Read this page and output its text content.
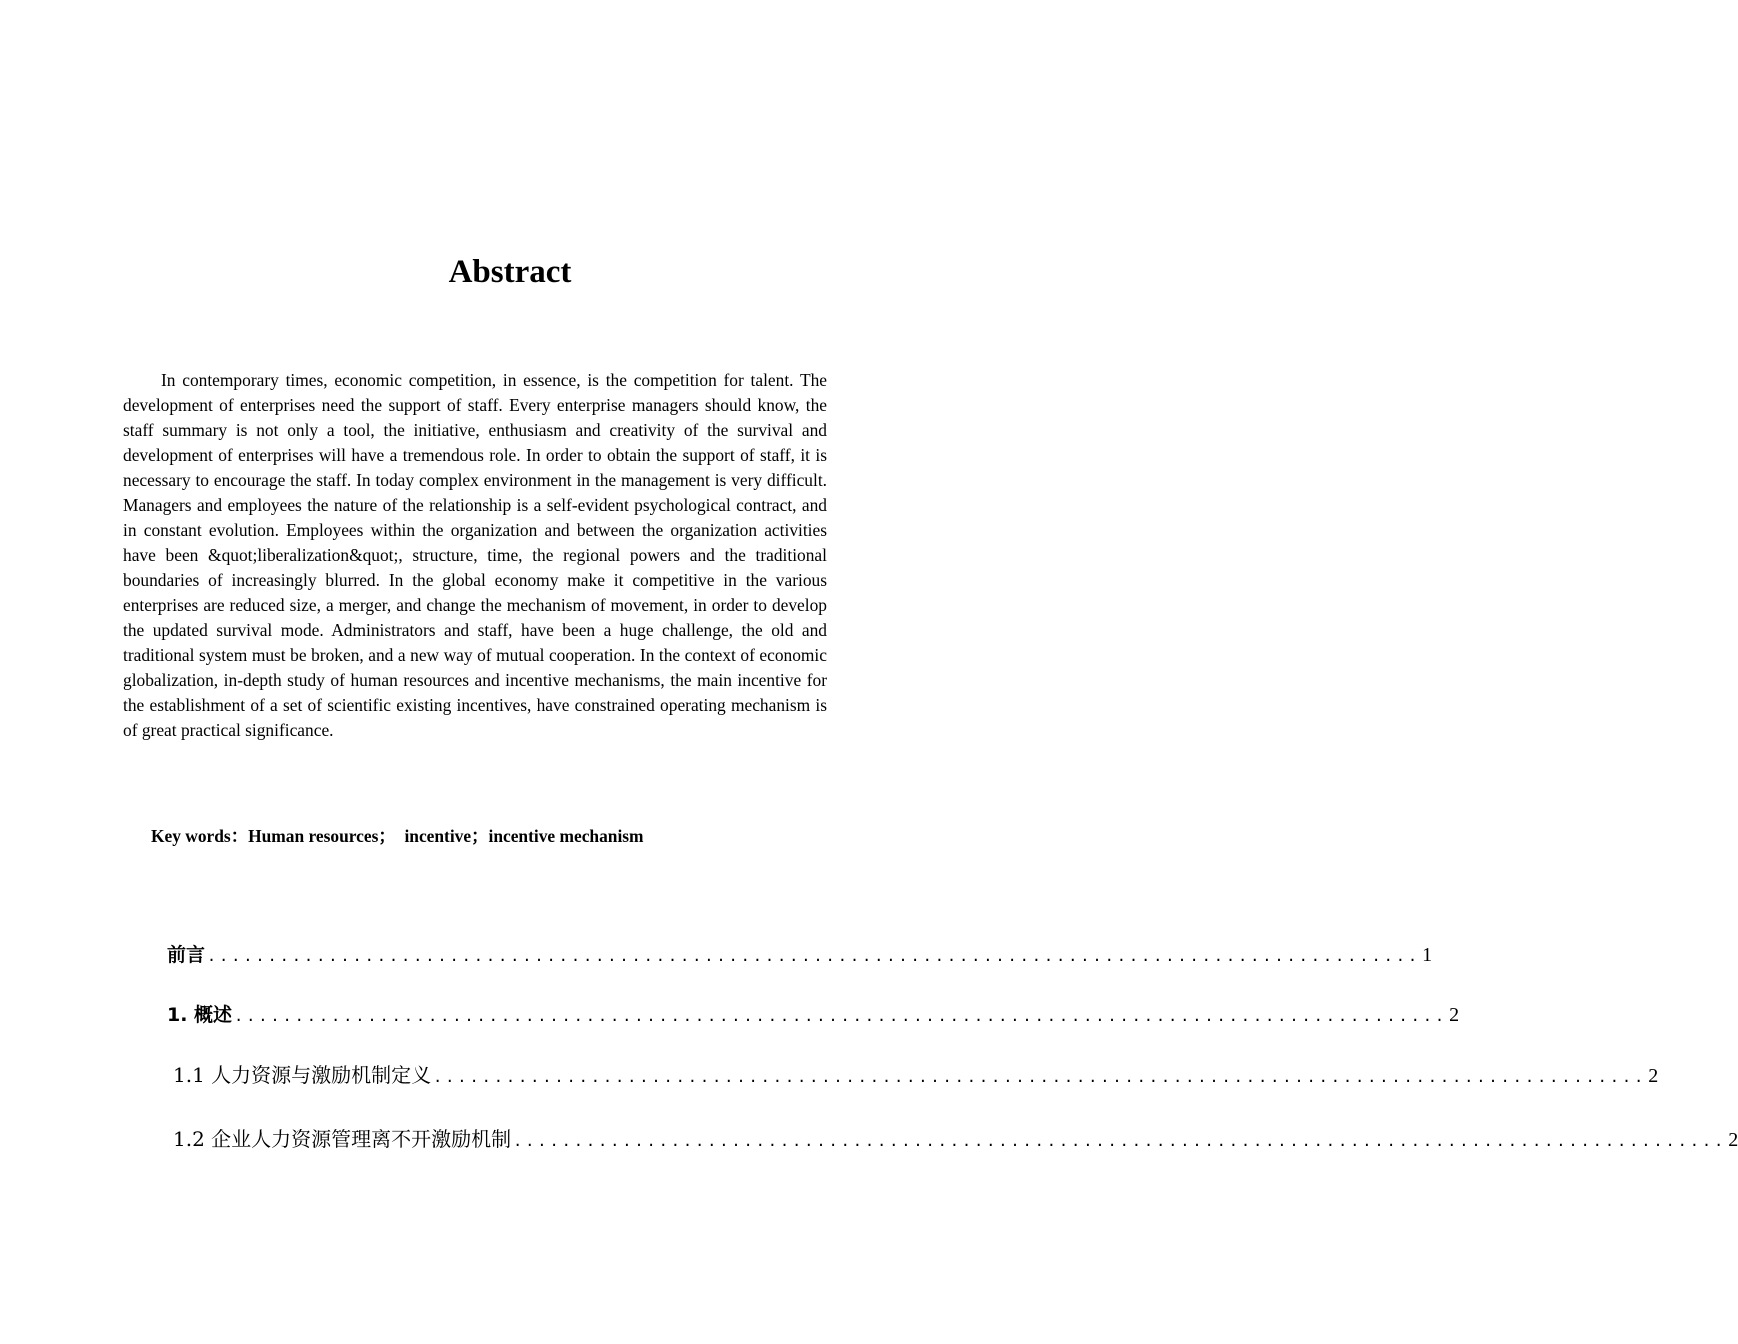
Abstract

In contemporary times, economic competition, in essence, is the competition for talent. The development of enterprises need the support of staff. Every enterprise managers should know, the staff summary is not only a tool, the initiative, enthusiasm and creativity of the survival and development of enterprises will have a tremendous role. In order to obtain the support of staff, it is necessary to encourage the staff. In today complex environment in the management is very difficult. Managers and employees the nature of the relationship is a self-evident psychological contract, and in constant evolution. Employees within the organization and between the organization activities have been &quot;liberalization&quot;, structure, time, the regional powers and the traditional boundaries of increasingly blurred. In the global economy make it competitive in the various enterprises are reduced size, a merger, and change the mechanism of movement, in order to develop the updated survival mode. Administrators and staff, have been a huge challenge, the old and traditional system must be broken, and a new way of mutual cooperation. In the context of economic globalization, in-depth study of human resources and incentive mechanisms, the main incentive for the establishment of a set of scientific existing incentives, have constrained operating mechanism is of great practical significance.

Key words：Human resources；  incentive；incentive mechanism
前言 .................................................................................................... 1
1. 概述 .................................................................................................... 2
1.1 人力资源与激励机制定义 .................................................................................................... 2
1.2 企业人力资源管理离不开激励机制 .................................................................................................... 2
